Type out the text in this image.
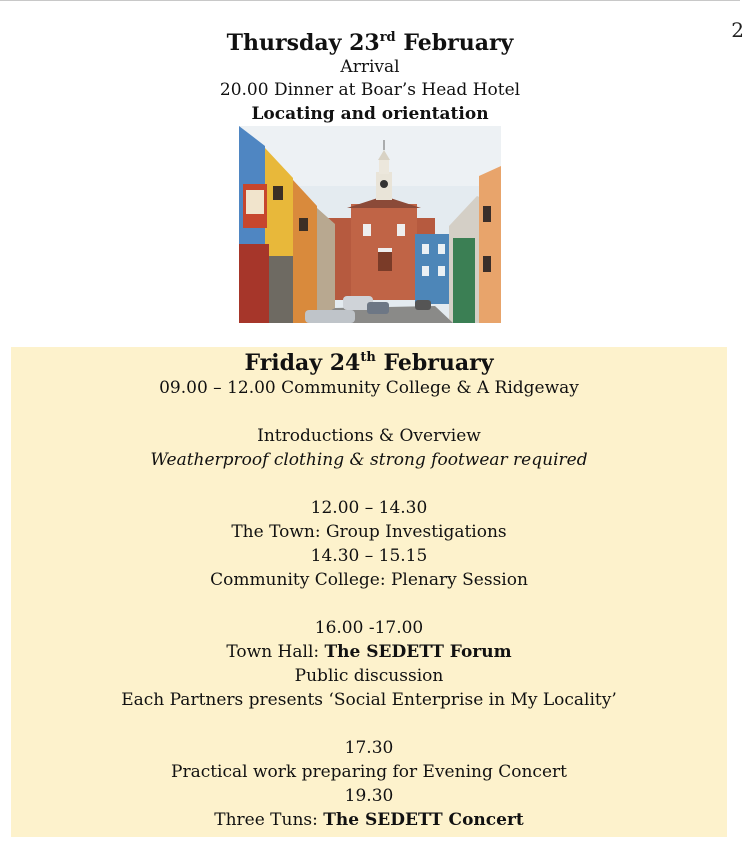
2
Thursday 23rd February
Arrival
20.00 Dinner at Boar’s Head Hotel
Locating and orientation
Friday 24th February
09.00 – 12.00 Community College & A Ridgeway
Introductions & Overview
Weatherproof clothing & strong footwear required
12.00 – 14.30
The Town: Group Investigations
14.30 – 15.15
Community College: Plenary Session
16.00 -17.00
Town Hall: The SEDETT Forum
Public discussion
Each Partners presents ‘Social Enterprise in My Locality’
17.30
Practical work preparing for Evening Concert
19.30
Three Tuns: The SEDETT Concert
